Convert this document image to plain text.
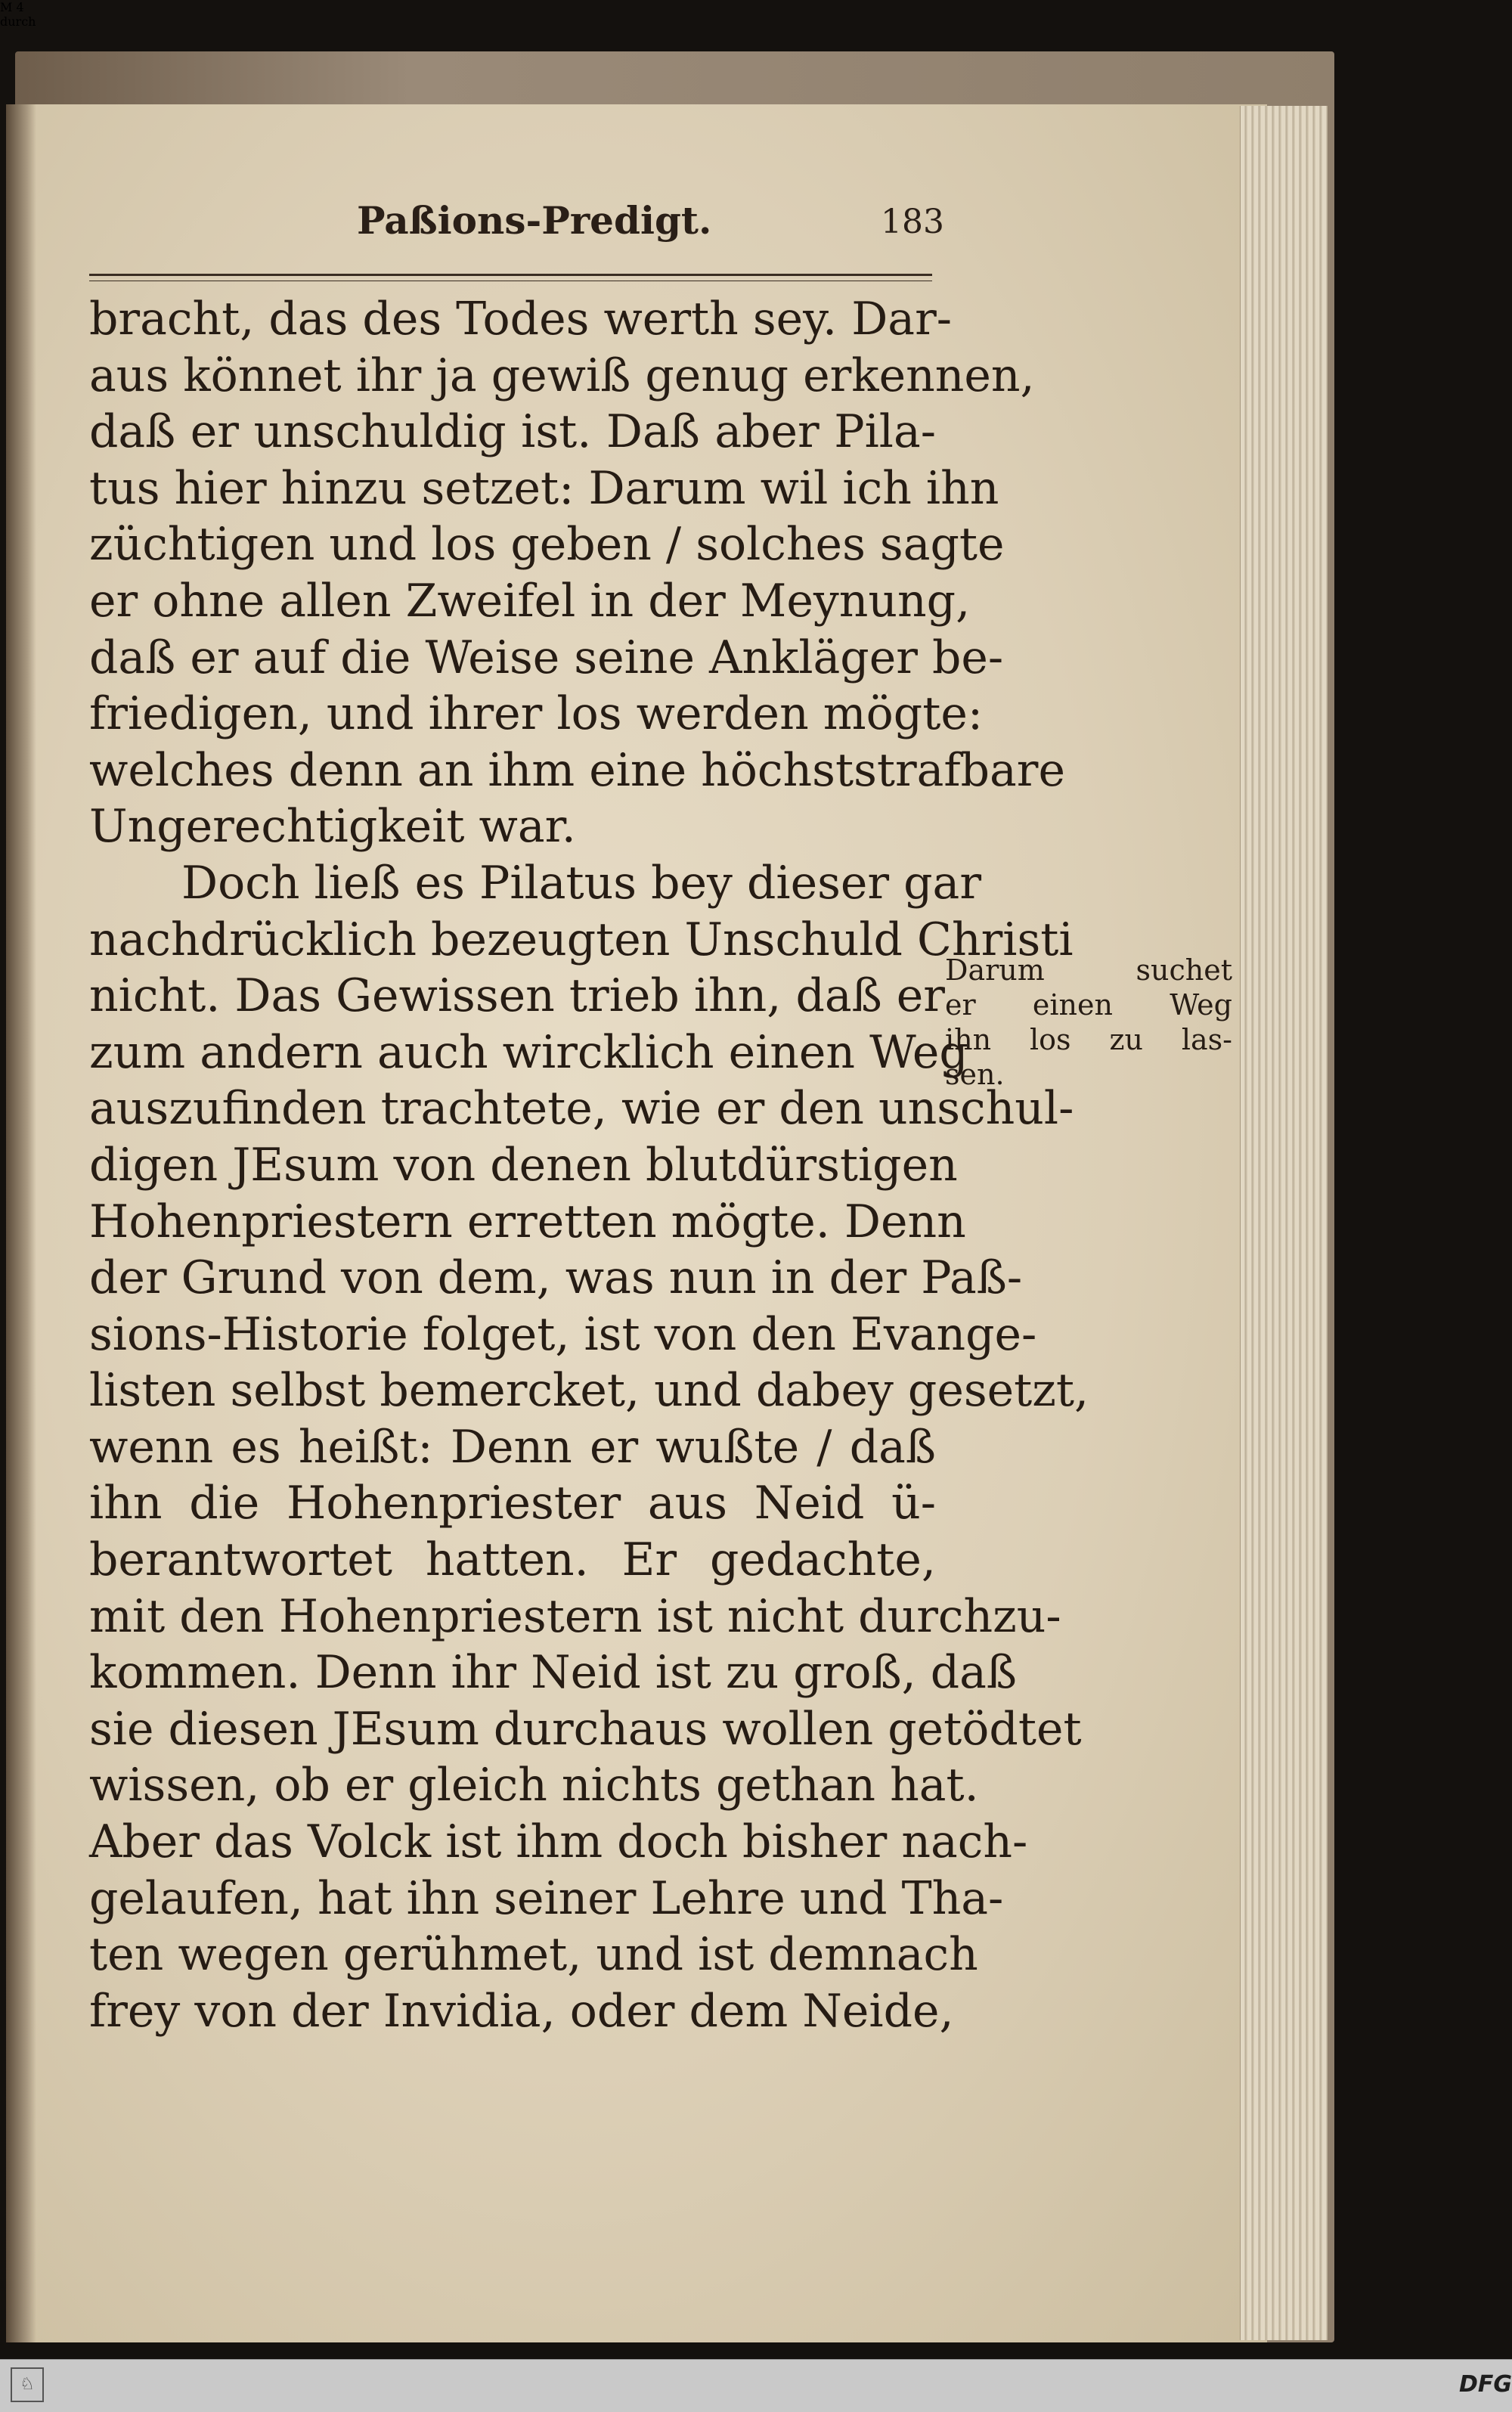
Paßions-Predigt.	183
bracht, das des Todes werth sey. Dar-
aus könnet ihr ja gewiß genug erkennen,
daß er unschuldig ist. Daß aber Pila-
tus hier hinzu setzet: Darum wil ich ihn
züchtigen und los geben / solches sagte
er ohne allen Zweifel in der Meynung,
daß er auf die Weise seine Ankläger be-
friedigen, und ihrer los werden mögte:
welches denn an ihm eine höchststrafbare
Ungerechtigkeit war.
Doch ließ es Pilatus bey dieser gar
nachdrücklich bezeugten Unschuld Christi
nicht. Das Gewissen trieb ihn, daß er
zum andern auch wircklich einen Weg
auszufinden trachtete, wie er den unschul-
digen JEsum von denen blutdürstigen
Hohenpriestern erretten mögte. Denn
der Grund von dem, was nun in der Paß-
sions-Historie folget, ist von den Evange-
listen selbst bemercket, und dabey gesetzt,
wenn es heißt: Denn er wußte / daß
ihn die Hohenpriester aus Neid ü-
berantwortet hatten. Er gedachte,
mit den Hohenpriestern ist nicht durchzu-
kommen. Denn ihr Neid ist zu groß, daß
sie diesen JEsum durchaus wollen getödtet
wissen, ob er gleich nichts gethan hat.
Aber das Volck ist ihm doch bisher nach-
gelaufen, hat ihn seiner Lehre und Tha-
ten wegen gerühmet, und ist demnach
frey von der Invidia, oder dem Neide,
Darum suchet
er einen Weg
ihn los zu las-
sen.
M 4
durch
♘	DFG
